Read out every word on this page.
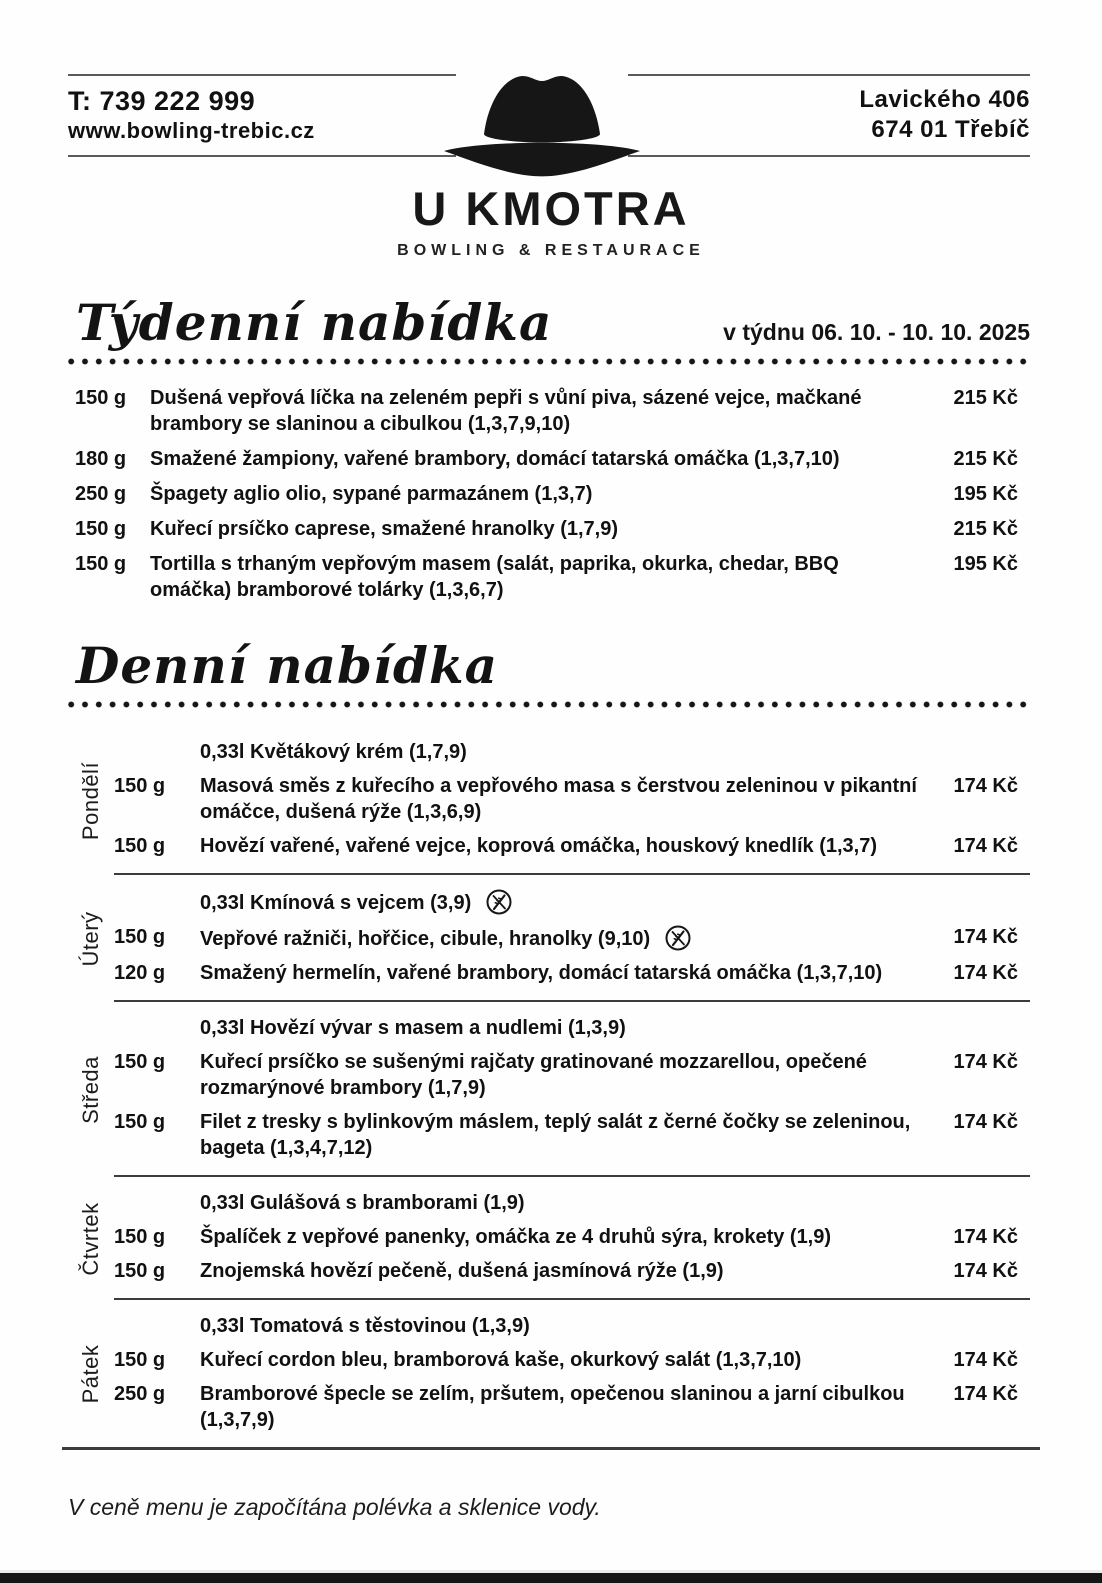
T: 739 222 999
www.bowling-trebic.cz
Lavického 406
674 01 Třebíč
U KMOTRA
BOWLING & RESTAURACE
Týdenní nabídka	v týdnu 06. 10. - 10. 10. 2025
150 g	Dušená vepřová líčka na zeleném pepři s vůní piva, sázené vejce, mačkané brambory se slaninou a cibulkou (1,3,7,9,10)
215 Kč
180 g	Smažené žampiony, vařené brambory, domácí tatarská omáčka (1,3,7,10)	215 Kč
250 g	Špagety aglio olio, sypané parmazánem (1,3,7)	195 Kč
150 g	Kuřecí prsíčko caprese, smažené hranolky (1,7,9)	215 Kč
150 g	Tortilla s trhaným vepřovým masem (salát, paprika, okurka, chedar, BBQ omáčka) bramborové tolárky (1,3,6,7)
195 Kč
Denní nabídka
Pondělí
0,33l Květákový krém (1,7,9)
150 g	Masová směs z kuřecího a vepřového masa s čerstvou zeleninou v pikantní omáčce, dušená rýže (1,3,6,9)
174 Kč
150 g	Hovězí vařené, vařené vejce, koprová omáčka, houskový knedlík (1,3,7)	174 Kč
Úterý
0,33l Kmínová s vejcem (3,9)
150 g	Vepřové ražniči, hořčice, cibule, hranolky (9,10)	174 Kč
120 g	Smažený hermelín, vařené brambory, domácí tatarská omáčka (1,3,7,10)	174 Kč
Středa
0,33l Hovězí vývar s masem a nudlemi (1,3,9)
150 g	Kuřecí prsíčko se sušenými rajčaty gratinované mozzarellou, opečené rozmarýnové brambory (1,7,9)
174 Kč
150 g	Filet z tresky s bylinkovým máslem, teplý salát z černé čočky se zeleninou, bageta (1,3,4,7,12)
174 Kč
Čtvrtek	0,33l Gulášová s bramborami (1,9)
150 g	Špalíček z vepřové panenky, omáčka ze 4 druhů sýra, krokety (1,9)	174 Kč
150 g	Znojemská hovězí pečeně, dušená jasmínová rýže (1,9)	174 Kč
Pátek
0,33l Tomatová s těstovinou (1,3,9)
150 g	Kuřecí cordon bleu, bramborová kaše, okurkový salát (1,3,7,10)	174 Kč
250 g	Bramborové špecle se zelím, pršutem, opečenou slaninou a jarní cibulkou (1,3,7,9)
174 Kč
V ceně menu je započítána polévka a sklenice vody.
